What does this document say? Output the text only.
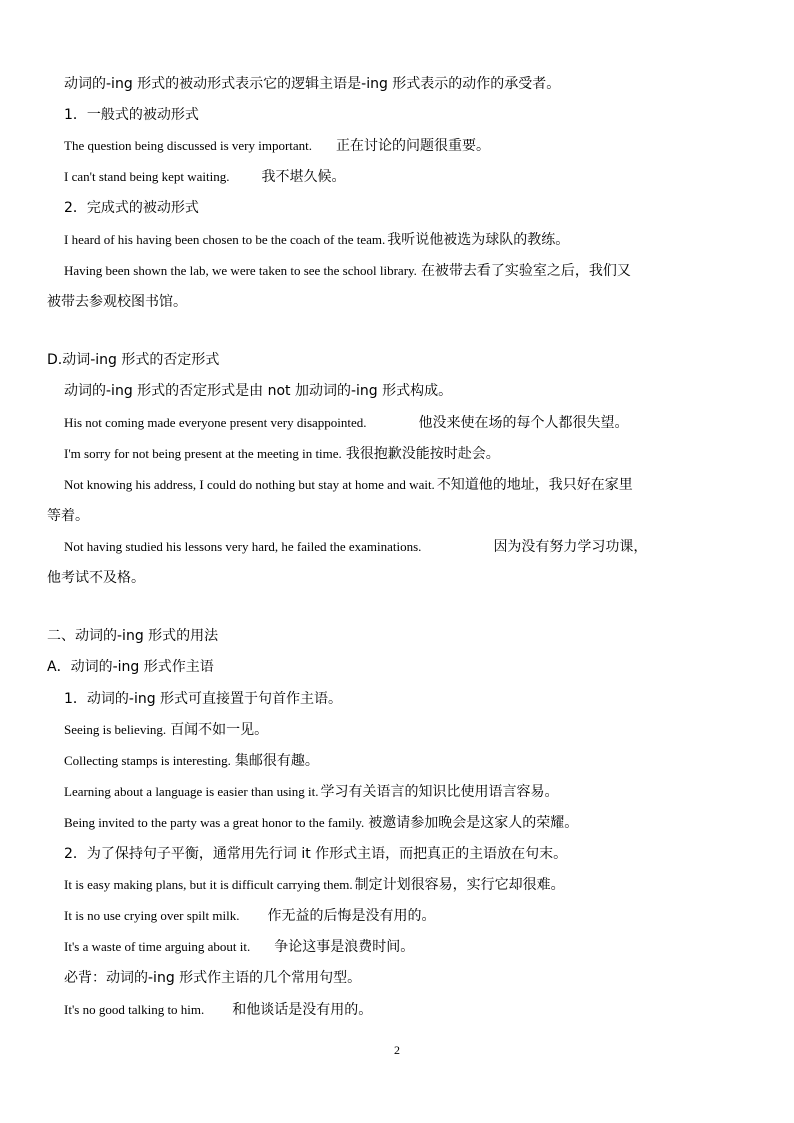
动词的-ing 形式的被动形式表示它的逻辑主语是-ing 形式表示的动作的承受者。
1．一般式的被动形式
The question being discussed is very important. 正在讨论的问题很重要。
I can't stand being kept waiting. 我不堪久候。
2．完成式的被动形式
I heard of his having been chosen to be the coach of the team. 我听说他被选为球队的教练。
Having been shown the lab, we were taken to see the school library. 在被带去看了实验室之后，我们又
被带去参观校图书馆。
D.动词-ing 形式的否定形式
动词的-ing 形式的否定形式是由 not 加动词的-ing 形式构成。
His not coming made everyone present very disappointed.	他没来使在场的每个人都很失望。
I'm sorry for not being present at the meeting in time. 我很抱歉没能按时赴会。
Not knowing his address, I could do nothing but stay at home and wait. 不知道他的地址，我只好在家里
等着。
Not having studied his lessons very hard, he failed the examinations.	因为没有努力学习功课，
他考试不及格。
二、动词的-ing 形式的用法
A．动词的-ing 形式作主语
1．动词的-ing 形式可直接置于句首作主语。
Seeing is believing. 百闻不如一见。
Collecting stamps is interesting. 集邮很有趣。
Learning about a language is easier than using it. 学习有关语言的知识比使用语言容易。
Being invited to the party was a great honor to the family. 被邀请参加晚会是这家人的荣耀。
2．为了保持句子平衡，通常用先行词 it 作形式主语，而把真正的主语放在句末。
It is easy making plans, but it is difficult carrying them. 制定计划很容易，实行它却很难。
It is no use crying over spilt milk. 作无益的后悔是没有用的。
It's a waste of time arguing about it. 争论这事是浪费时间。
必背：动词的-ing 形式作主语的几个常用句型。
It's no good talking to him. 和他谈话是没有用的。
2
